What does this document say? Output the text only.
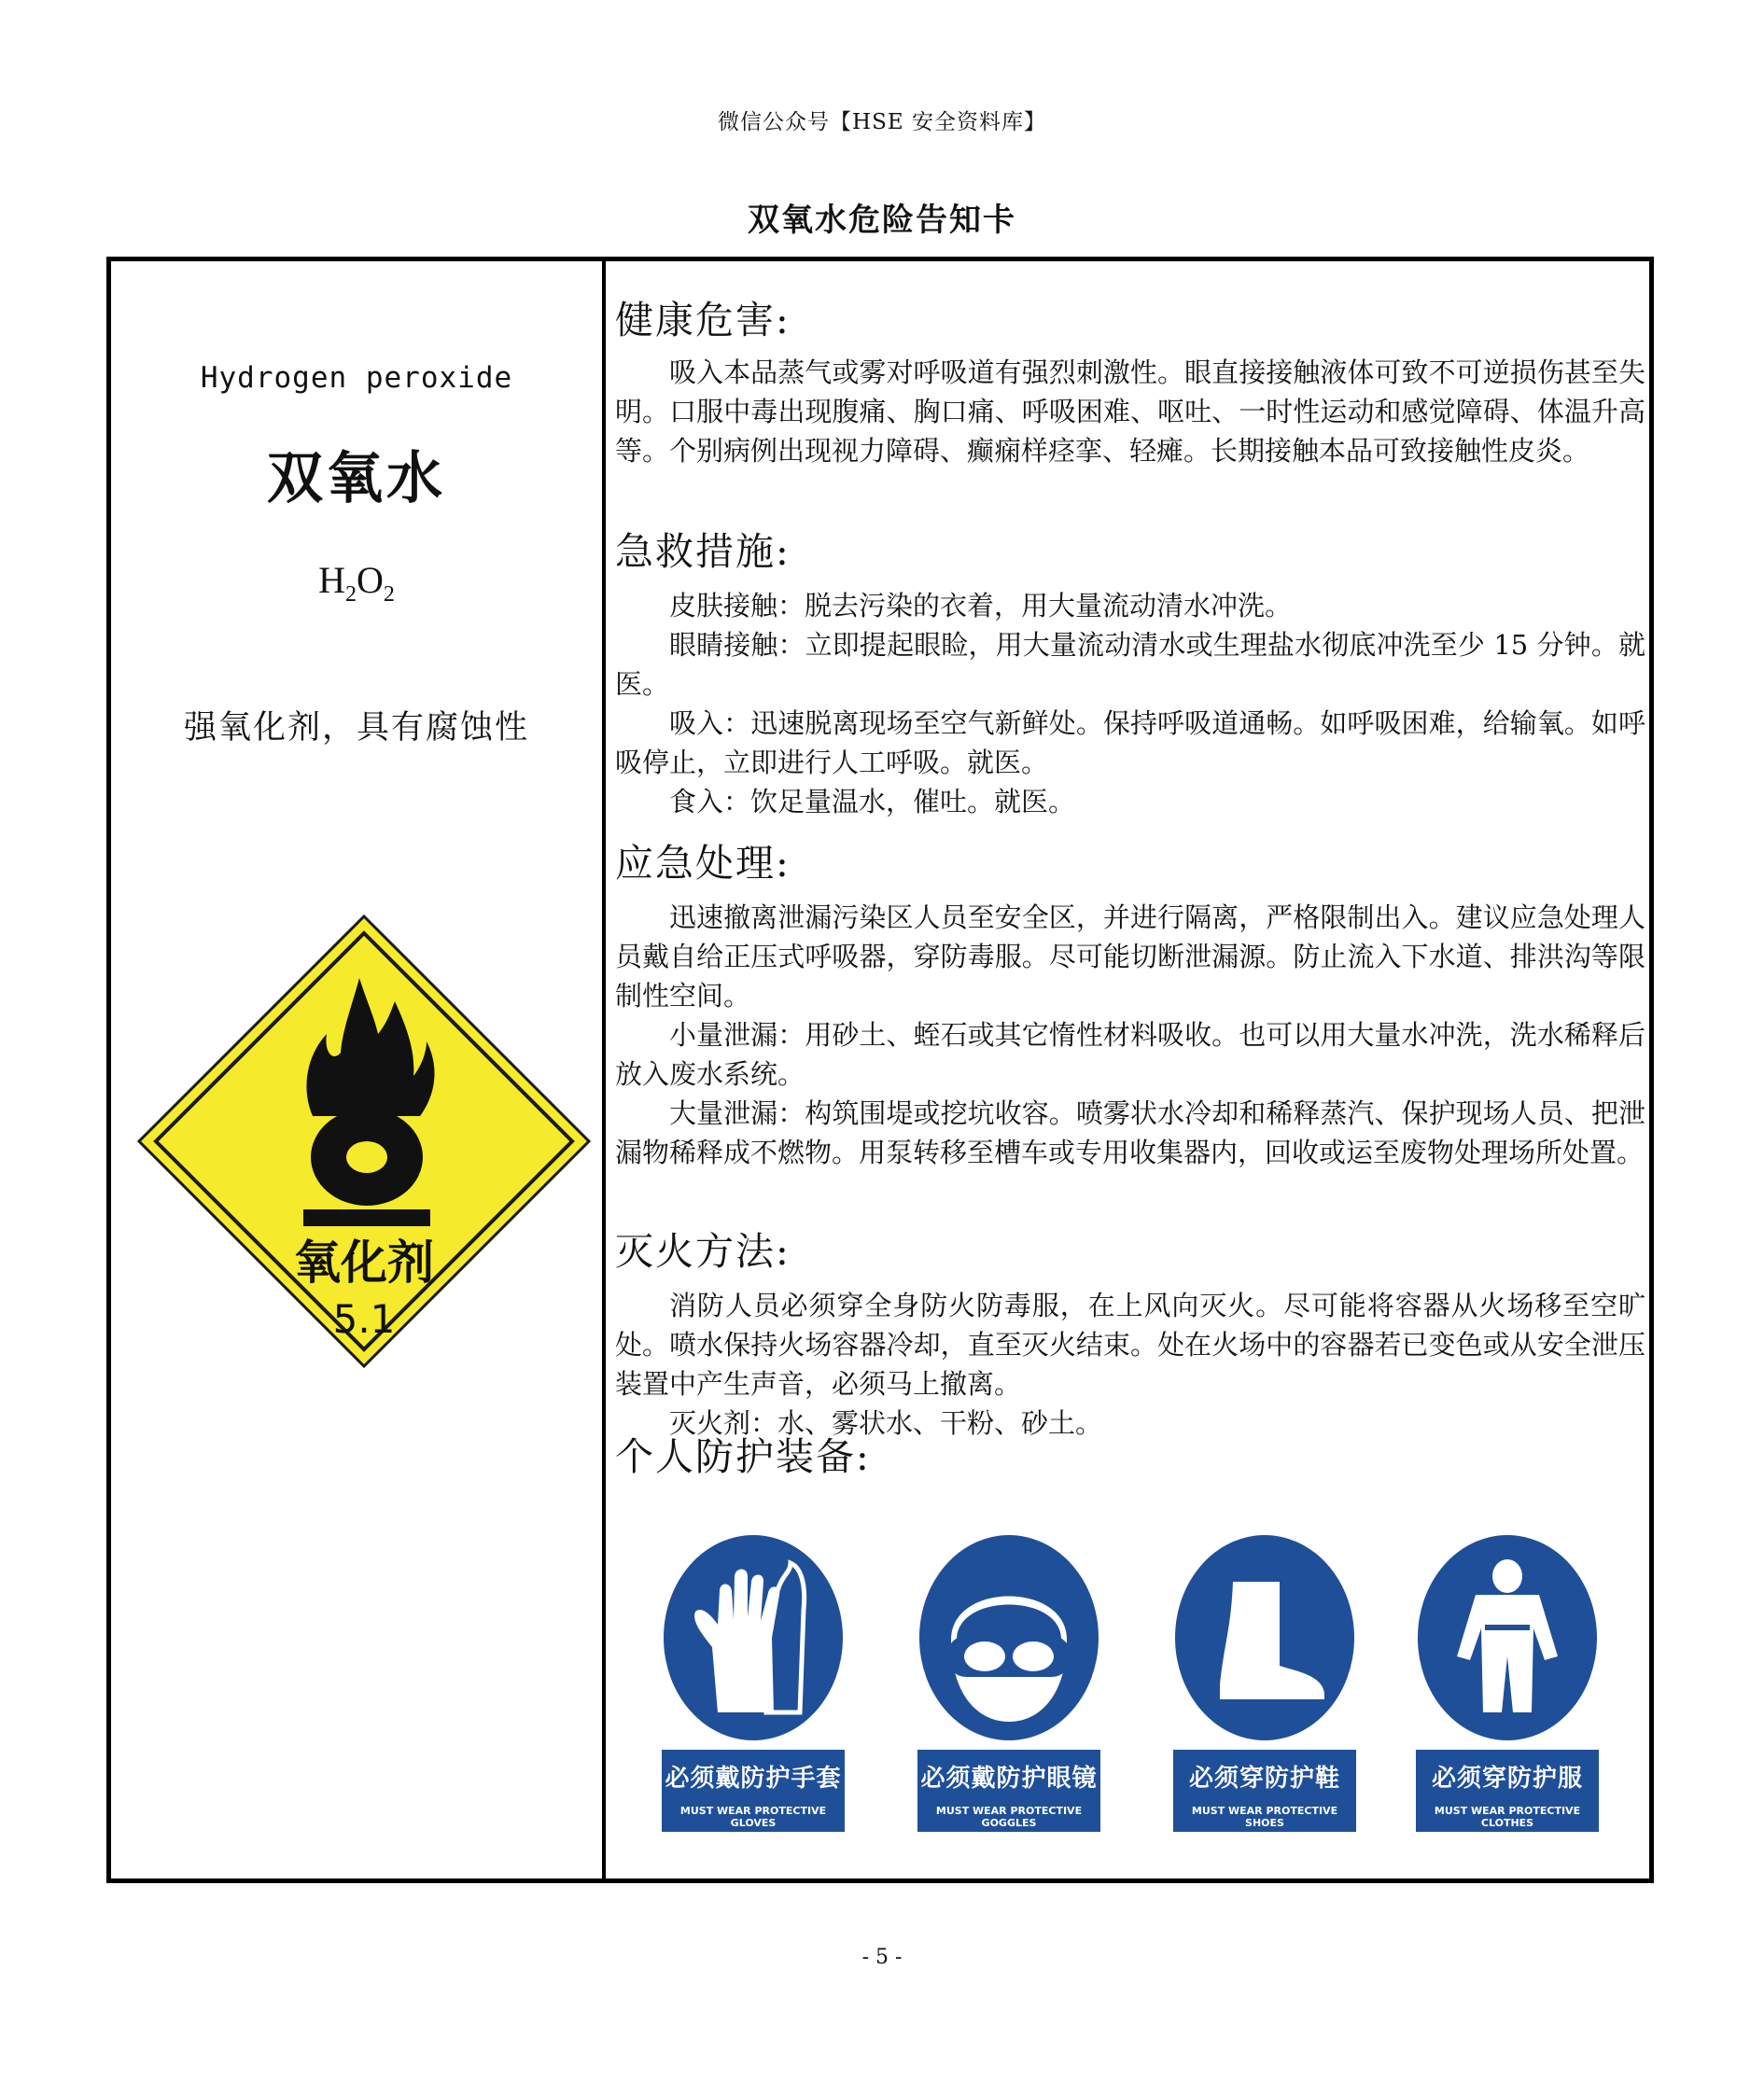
微信公众号【HSE 安全资料库】
双氧水危险告知卡
Hydrogen peroxide
双氧水
$H_2O_2$
强氧化剂，具有腐蚀性
氧化剂
5.1
健康危害:

吸入本品蒸气或雾对呼吸道有强烈刺激性。眼直接接触液体可致不可逆损伤甚至失明。口服中毒出现腹痛、胸口痛、呼吸困难、呕吐、一时性运动和感觉障碍、体温升高等。个别病例出现视力障碍、癫痫样痉挛、轻瘫。长期接触本品可致接触性皮炎。

急救措施:

皮肤接触：脱去污染的衣着，用大量流动清水冲洗。

眼睛接触：立即提起眼睑，用大量流动清水或生理盐水彻底冲洗至少 15 分钟。就医。

吸入：迅速脱离现场至空气新鲜处。保持呼吸道通畅。如呼吸困难，给输氧。如呼吸停止，立即进行人工呼吸。就医。

食入：饮足量温水，催吐。就医。

应急处理:

迅速撤离泄漏污染区人员至安全区，并进行隔离，严格限制出入。建议应急处理人员戴自给正压式呼吸器，穿防毒服。尽可能切断泄漏源。防止流入下水道、排洪沟等限制性空间。

小量泄漏：用砂土、蛭石或其它惰性材料吸收。也可以用大量水冲洗，洗水稀释后放入废水系统。

大量泄漏：构筑围堤或挖坑收容。喷雾状水冷却和稀释蒸汽、保护现场人员、把泄漏物稀释成不燃物。用泵转移至槽车或专用收集器内，回收或运至废物处理场所处置。

灭火方法:

消防人员必须穿全身防火防毒服，在上风向灭火。尽可能将容器从火场移至空旷处。喷水保持火场容器冷却，直至灭火结束。处在火场中的容器若已变色或从安全泄压装置中产生声音，必须马上撤离。

灭火剂：水、雾状水、干粉、砂土。

个人防护装备:
必须戴防护手套
MUST WEAR PROTECTIVE GLOVES
必须戴防护眼镜
MUST WEAR PROTECTIVE GOGGLES
必须穿防护鞋
MUST WEAR PROTECTIVE SHOES
必须穿防护服
MUST WEAR PROTECTIVE CLOTHES
- 5 -
